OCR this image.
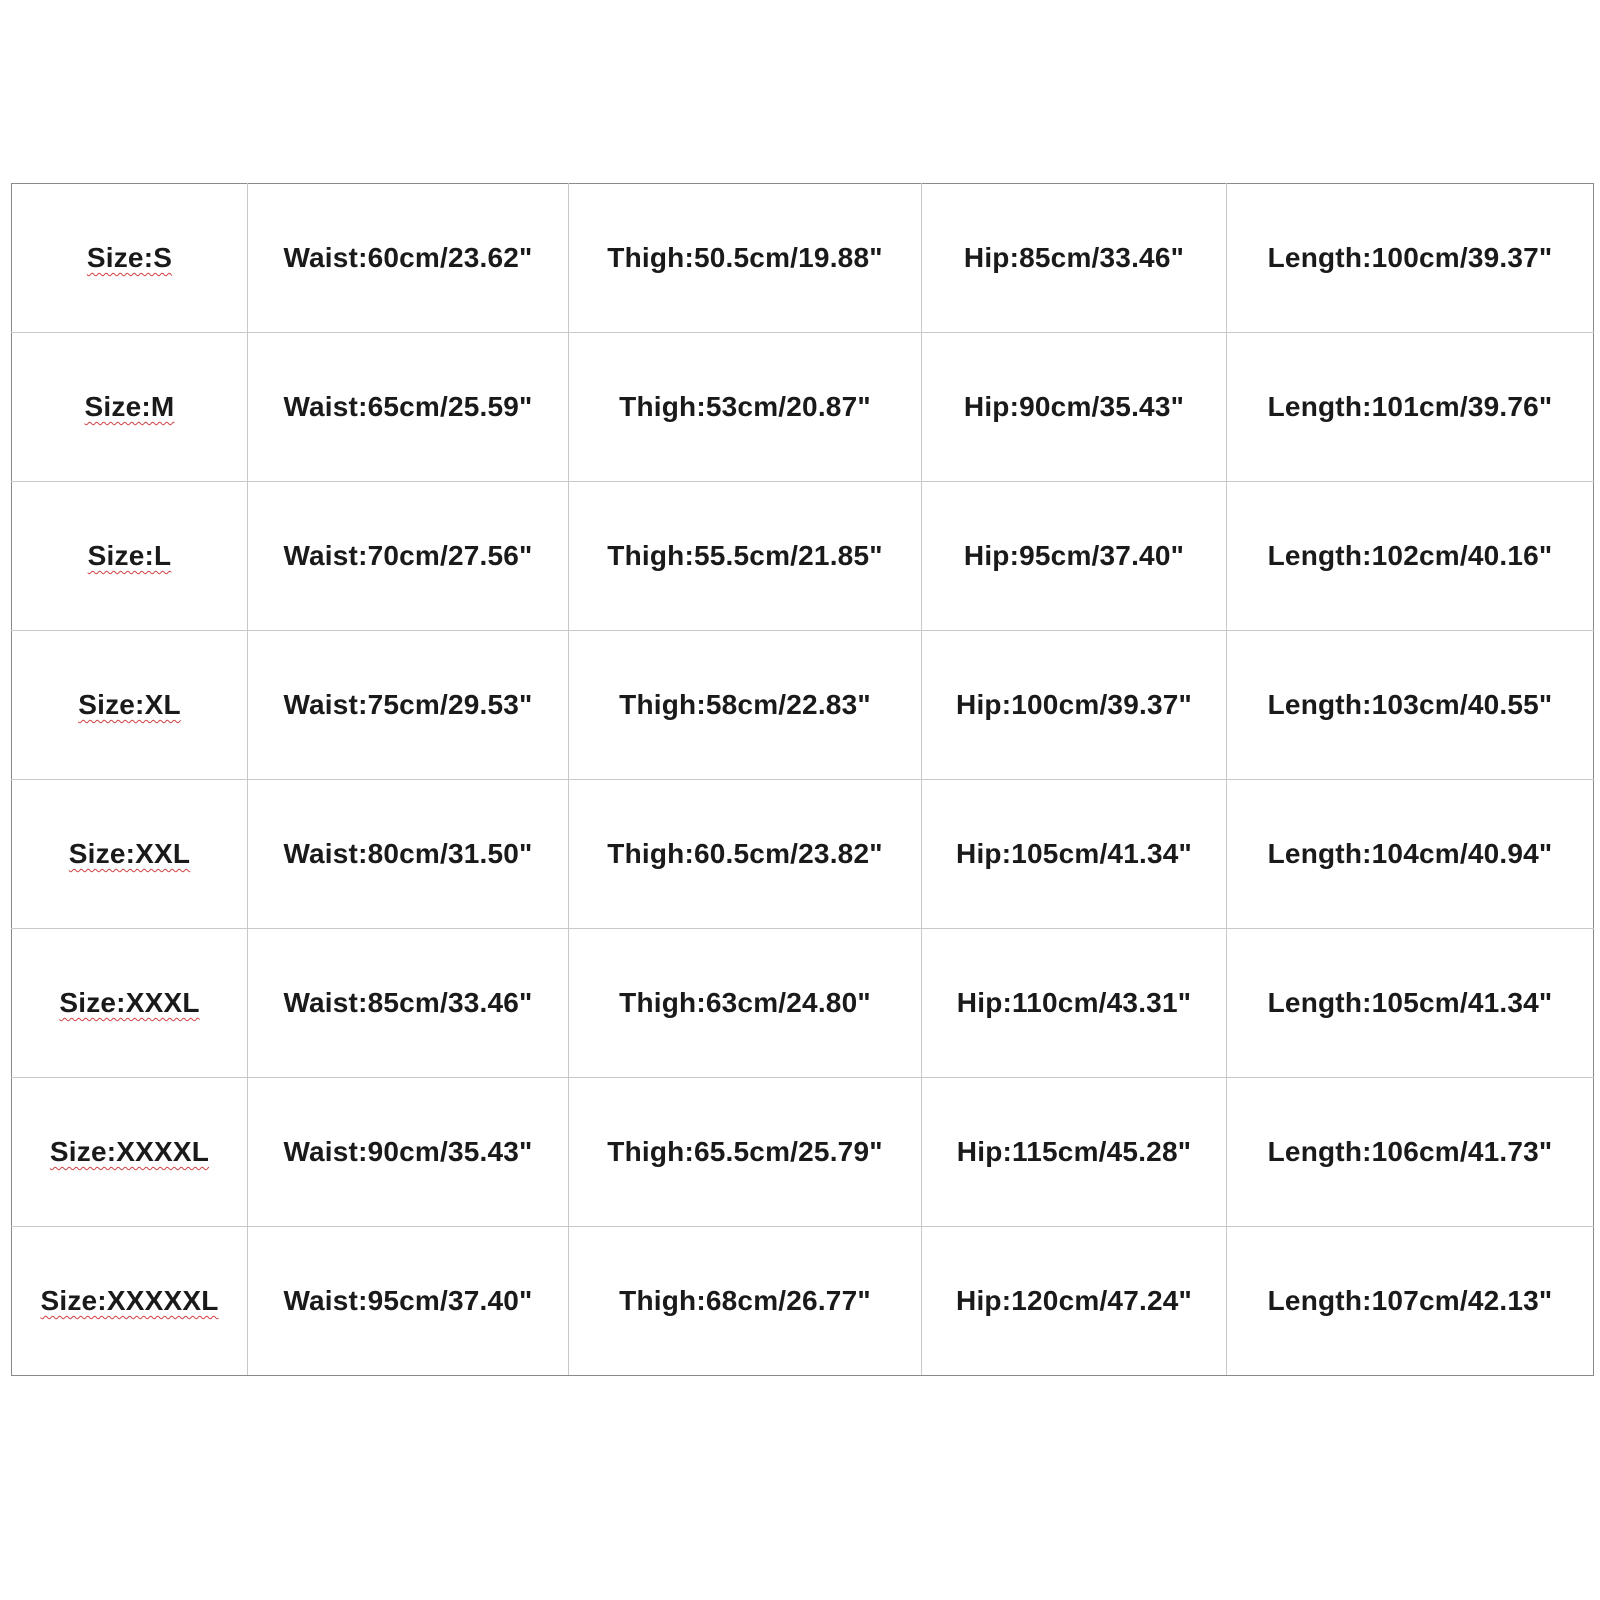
Size:S	Waist:60cm/23.62"	Thigh:50.5cm/19.88"	Hip:85cm/33.46"	Length:100cm/39.37"
Size:M	Waist:65cm/25.59"	Thigh:53cm/20.87"	Hip:90cm/35.43"	Length:101cm/39.76"
Size:L	Waist:70cm/27.56"	Thigh:55.5cm/21.85"	Hip:95cm/37.40"	Length:102cm/40.16"
Size:XL	Waist:75cm/29.53"	Thigh:58cm/22.83"	Hip:100cm/39.37"	Length:103cm/40.55"
Size:XXL	Waist:80cm/31.50"	Thigh:60.5cm/23.82"	Hip:105cm/41.34"	Length:104cm/40.94"
Size:XXXL	Waist:85cm/33.46"	Thigh:63cm/24.80"	Hip:110cm/43.31"	Length:105cm/41.34"
Size:XXXXL	Waist:90cm/35.43"	Thigh:65.5cm/25.79"	Hip:115cm/45.28"	Length:106cm/41.73"
Size:XXXXXL	Waist:95cm/37.40"	Thigh:68cm/26.77"	Hip:120cm/47.24"	Length:107cm/42.13"
